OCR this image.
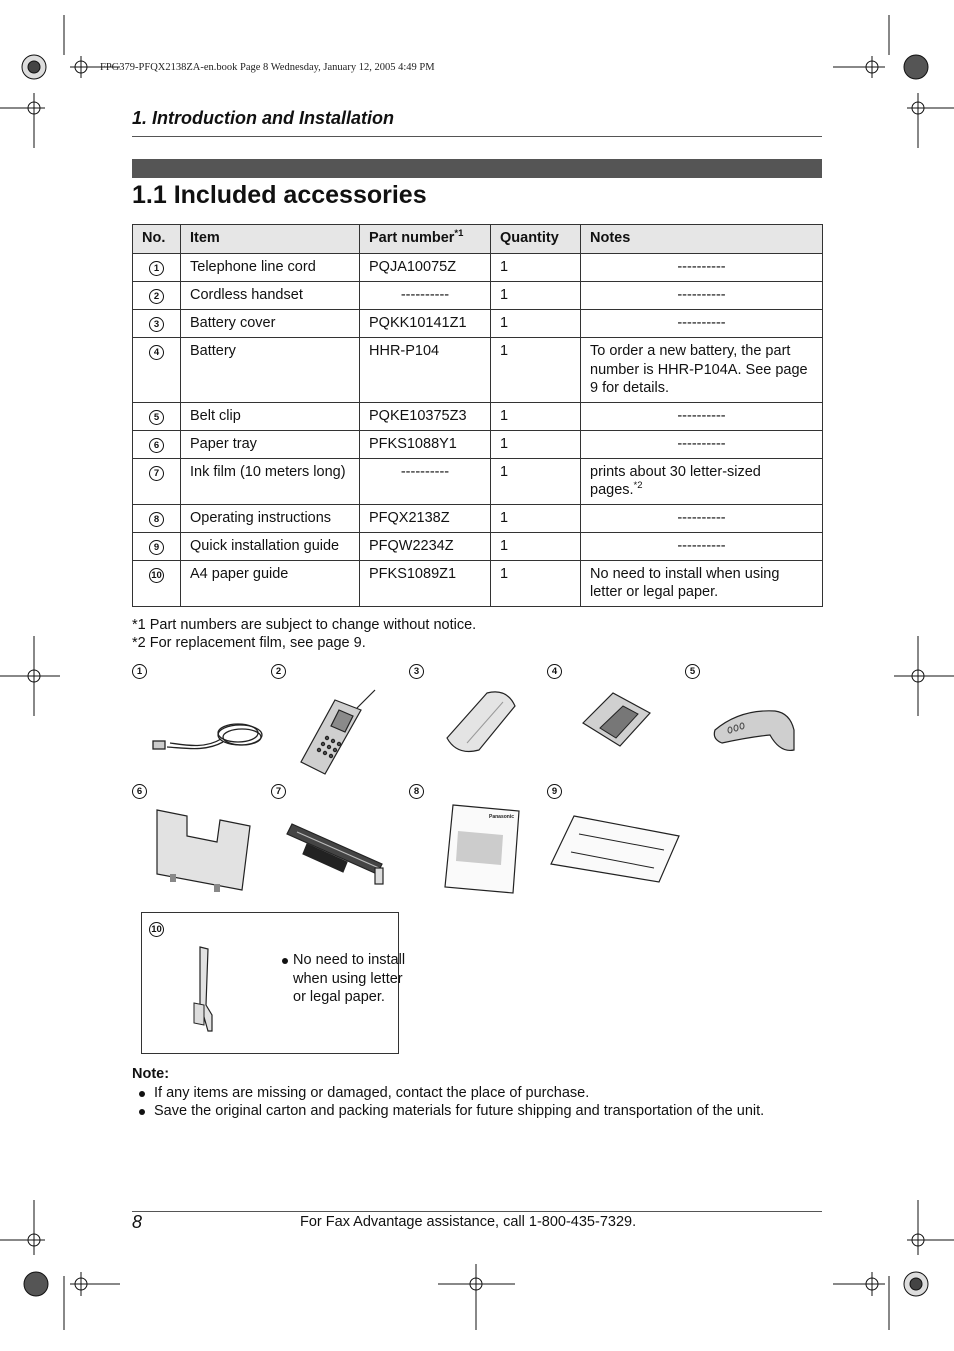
FPG379-PFQX2138ZA-en.book Page 8 Wednesday, January 12, 2005 4:49 PM
1. Introduction and Installation
1.1 Included accessories
No.	Item	Part number$^{*1}$	Quantity	Notes
1	Telephone line cord	PQJA10075Z	1	----------
2	Cordless handset	----------	1	----------
3	Battery cover	PQKK10141Z1	1	----------
4	Battery	HHR-P104	1	To order a new battery, the part number is HHR-P104A. See page 9 for details.
5	Belt clip	PQKE10375Z3	1	----------
6	Paper tray	PFKS1088Y1	1	----------
7	Ink film (10 meters long)	----------	1	prints about 30 letter-sized pages.$^{*2}$
8	Operating instructions	PFQX2138Z	1	----------
9	Quick installation guide	PFQW2234Z	1	----------
10	A4 paper guide	PFKS1089Z1	1	No need to install when using letter or legal paper.
*1 Part numbers are subject to change without notice.
*2 For replacement film, see page 9.
1	2	3	4	5
6	7	8	9
Panasonic
10
No need to install when using letter or legal paper.
Note:
If any items are missing or damaged, contact the place of purchase.
Save the original carton and packing materials for future shipping and transportation of the unit.
8	For Fax Advantage assistance, call 1-800-435-7329.
